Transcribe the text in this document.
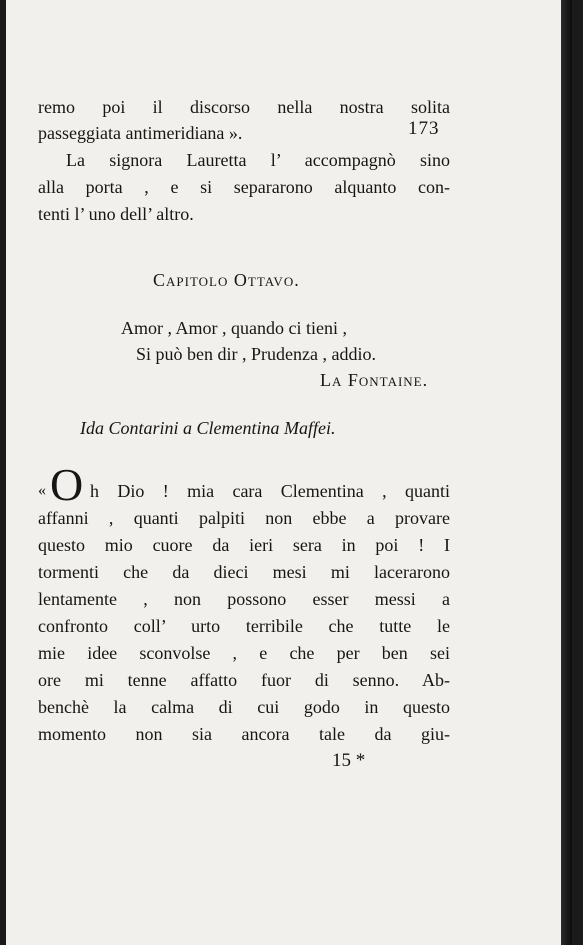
173
remo poi il discorso nella nostra solita
passeggiata antimeridiana ».
La signora Lauretta l’ accompagnò sino
alla porta , e si separarono alquanto con-
tenti l’ uno dell’ altro.
Capitolo Ottavo.
Amor , Amor , quando ci tieni ,
Si può ben dir , Prudenza , addio.
La Fontaine.
Ida Contarini a Clementina Maffei.
« O h Dio ! mia cara Clementina , quanti
affanni , quanti palpiti non ebbe a provare
questo mio cuore da ieri sera in poi ! I
tormenti che da dieci mesi mi lacerarono
lentamente , non possono esser messi a
confronto coll’ urto terribile che tutte le
mie idee sconvolse , e che per ben sei
ore mi tenne affatto fuor di senno. Ab-
benchè la calma di cui godo in questo
momento non sia ancora tale da giu-
15 *
